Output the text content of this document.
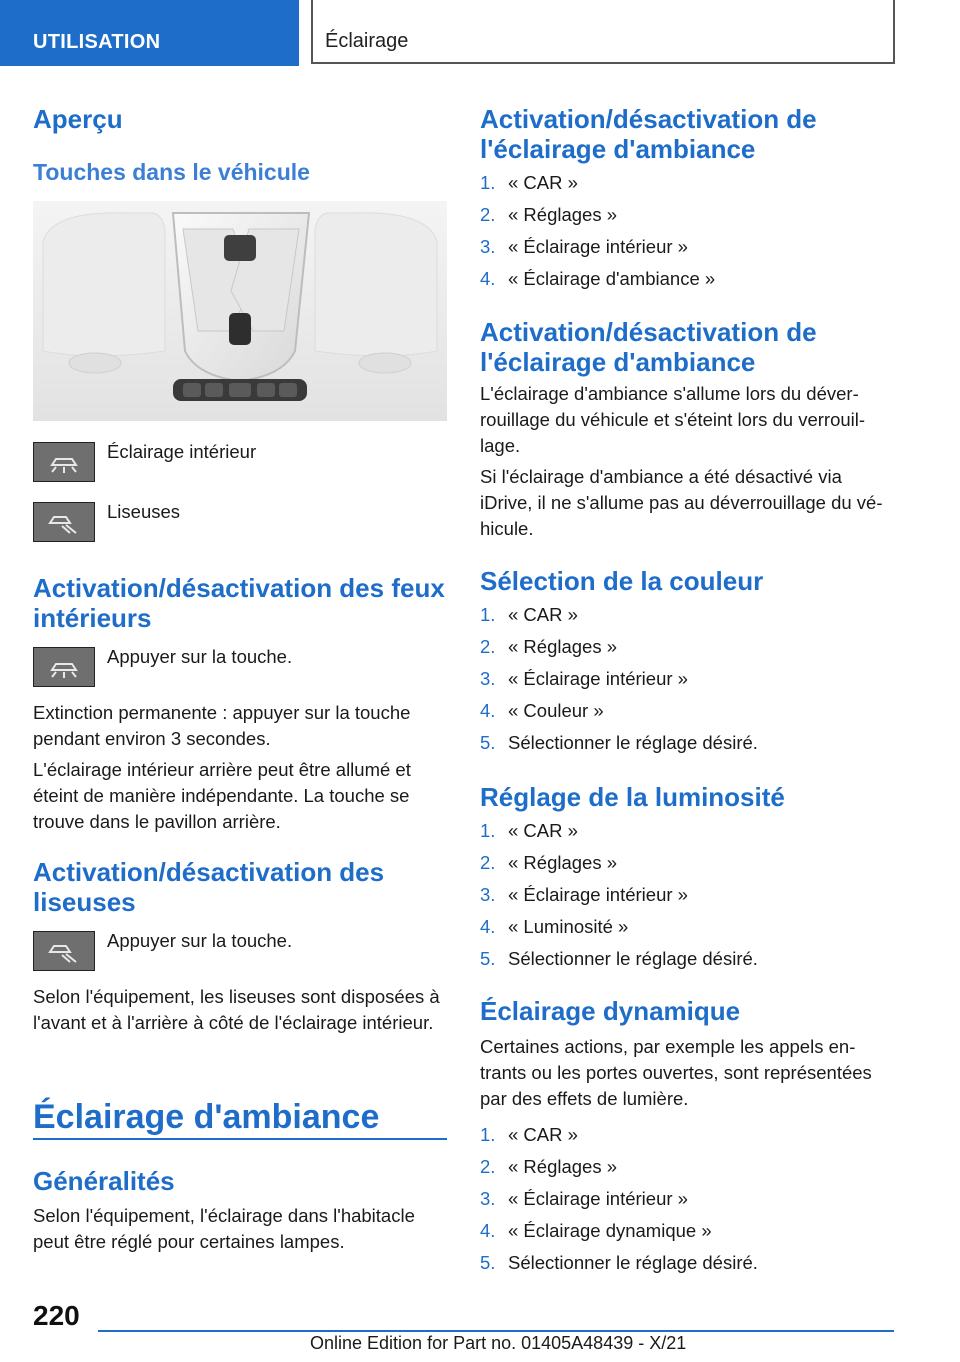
UTILISATION	Éclairage
Aperçu
Touches dans le véhicule

Éclairage intérieur

Liseuses

Activation/désactivation des feux intérieurs

Appuyer sur la touche.

Extinction permanente : appuyer sur la touche pendant environ 3 secondes.

L'éclairage intérieur arrière peut être allumé et éteint de manière indépendante. La touche se trouve dans le pavillon arrière.

Activation/désactivation des liseuses

Appuyer sur la touche.

Selon l'équipement, les liseuses sont disposées à l'avant et à l'arrière à côté de l'éclairage intérieur.

Éclairage d'ambiance
Généralités

Selon l'équipement, l'éclairage dans l'habitacle peut être réglé pour certaines lampes.

Activation/désactivation de l'éclairage d'ambiance
1. « CAR »
2. « Réglages »
3. « Éclairage intérieur »
4. « Éclairage d'ambiance »
Activation/désactivation de l'éclairage d'ambiance

L'éclairage d'ambiance s'allume lors du déverrouillage du véhicule et s'éteint lors du verrouillage.

Si l'éclairage d'ambiance a été désactivé via iDrive, il ne s'allume pas au déverrouillage du véhicule.

Sélection de la couleur
1. « CAR »
2. « Réglages »
3. « Éclairage intérieur »
4. « Couleur »
5. Sélectionner le réglage désiré.
Réglage de la luminosité
1. « CAR »
2. « Réglages »
3. « Éclairage intérieur »
4. « Luminosité »
5. Sélectionner le réglage désiré.
Éclairage dynamique

Certaines actions, par exemple les appels entrants ou les portes ouvertes, sont représentées par des effets de lumière.

1. « CAR »
2. « Réglages »
3. « Éclairage intérieur »
4. « Éclairage dynamique »
5. Sélectionner le réglage désiré.
220
Online Edition for Part no. 01405A48439 - X/21
